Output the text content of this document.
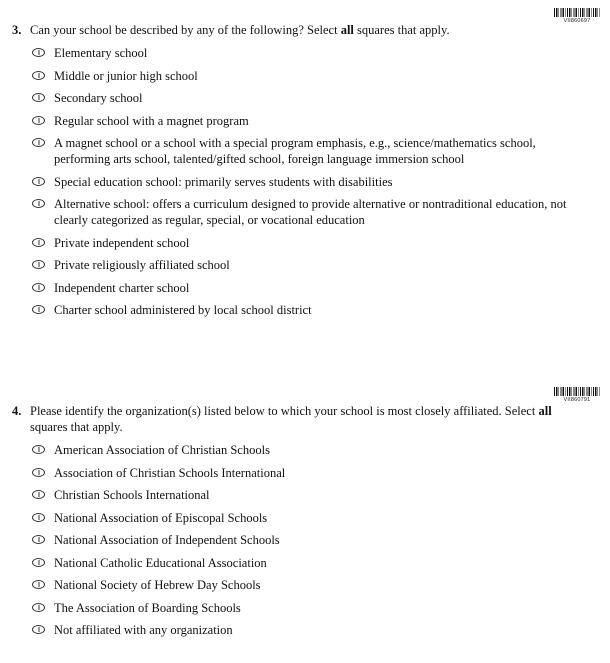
VII860697
3. Can your school be described by any of the following? Select all squares that apply.
Elementary school
Middle or junior high school
Secondary school
Regular school with a magnet program
A magnet school or a school with a special program emphasis, e.g., science/mathematics school, performing arts school, talented/gifted school, foreign language immersion school
Special education school: primarily serves students with disabilities
Alternative school: offers a curriculum designed to provide alternative or nontraditional education, not clearly categorized as regular, special, or vocational education
Private independent school
Private religiously affiliated school
Independent charter school
Charter school administered by local school district
VII860791
4. Please identify the organization(s) listed below to which your school is most closely affiliated. Select all squares that apply.
American Association of Christian Schools
Association of Christian Schools International
Christian Schools International
National Association of Episcopal Schools
National Association of Independent Schools
National Catholic Educational Association
National Society of Hebrew Day Schools
The Association of Boarding Schools
Not affiliated with any organization
